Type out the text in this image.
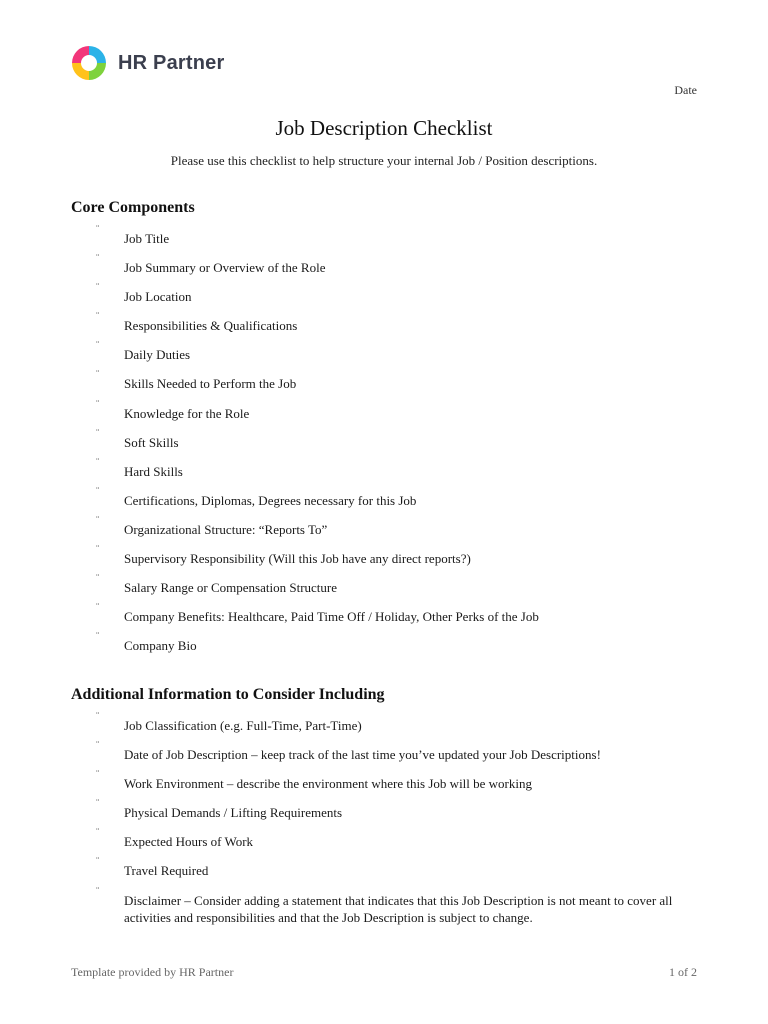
HR Partner
Date
Job Description Checklist
Please use this checklist to help structure your internal Job / Position descriptions.
Core Components
¨
Job Title
¨
Job Summary or Overview of the Role
¨
Job Location
¨
Responsibilities & Qualifications
¨
Daily Duties
¨
Skills Needed to Perform the Job
¨
Knowledge for the Role
¨
Soft Skills
¨
Hard Skills
¨
Certifications, Diplomas, Degrees necessary for this Job
¨
Organizational Structure: “Reports To”
¨
Supervisory Responsibility (Will this Job have any direct reports?)
¨
Salary Range or Compensation Structure
¨
Company Benefits: Healthcare, Paid Time Off / Holiday, Other Perks of the Job
¨
Company Bio
Additional Information to Consider Including
¨
Job Classification (e.g. Full-Time, Part-Time)
¨
Date of Job Description – keep track of the last time you’ve updated your Job Descriptions!
¨
Work Environment – describe the environment where this Job will be working
¨
Physical Demands / Lifting Requirements
¨
Expected Hours of Work
¨
Travel Required
¨
Disclaimer – Consider adding a statement that indicates that this Job Description is not meant to cover all activities and responsibilities and that the Job Description is subject to change.
Template provided by HR Partner	1 of 2
